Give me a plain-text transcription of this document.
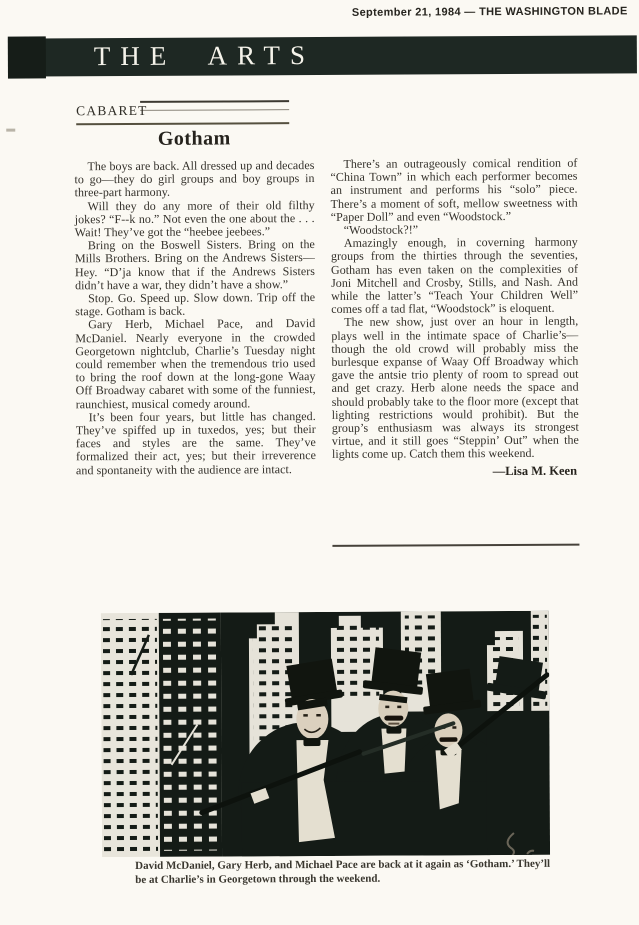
September 21, 1984 — THE WASHINGTON BLADE
THE ARTS
CABARET
Gotham

The boys are back. All dressed up and decades to go—they do girl groups and boy groups in three-part harmony.

Will they do any more of their old filthy jokes? “F--k no.” Not even the one about the . . . Wait! They’ve got the “heebee jeebees.”

Bring on the Boswell Sisters. Bring on the Mills Brothers. Bring on the Andrews Sisters—Hey. “D’ja know that if the Andrews Sisters didn’t have a war, they didn’t have a show.”

Stop. Go. Speed up. Slow down. Trip off the stage. Gotham is back.

Gary Herb, Michael Pace, and David McDaniel. Nearly everyone in the crowded Georgetown nightclub, Charlie’s Tuesday night could remember when the tremendous trio used to bring the roof down at the long-gone Waay Off Broadway cabaret with some of the funniest, raunchiest, musical comedy around.

It’s been four years, but little has changed. They’ve spiffed up in tuxedos, yes; but their faces and styles are the same. They’ve formalized their act, yes; but their irreverence and spontaneity with the audience are intact.

There’s an outrageously comical rendition of “China Town” in which each performer becomes an instrument and performs his “solo” piece. There’s a moment of soft, mellow sweetness with “Paper Doll” and even “Woodstock.”

“Woodstock?!”

Amazingly enough, in coverning harmony groups from the thirties through the seventies, Gotham has even taken on the complexities of Joni Mitchell and Crosby, Stills, and Nash. And while the latter’s “Teach Your Children Well” comes off a tad flat, “Woodstock” is eloquent.

The new show, just over an hour in length, plays well in the intimate space of Charlie’s—though the old crowd will probably miss the burlesque expanse of Waay Off Broadway which gave the antsie trio plenty of room to spread out and get crazy. Herb alone needs the space and should probably take to the floor more (except that lighting restrictions would prohibit). But the group’s enthusiasm was always its strongest virtue, and it still goes “Steppin’ Out” when the lights come up. Catch them this weekend.

—Lisa M. Keen

David McDaniel, Gary Herb, and Michael Pace are back at it again as ‘Gotham.’ They’ll be at Charlie’s in Georgetown through the weekend.
